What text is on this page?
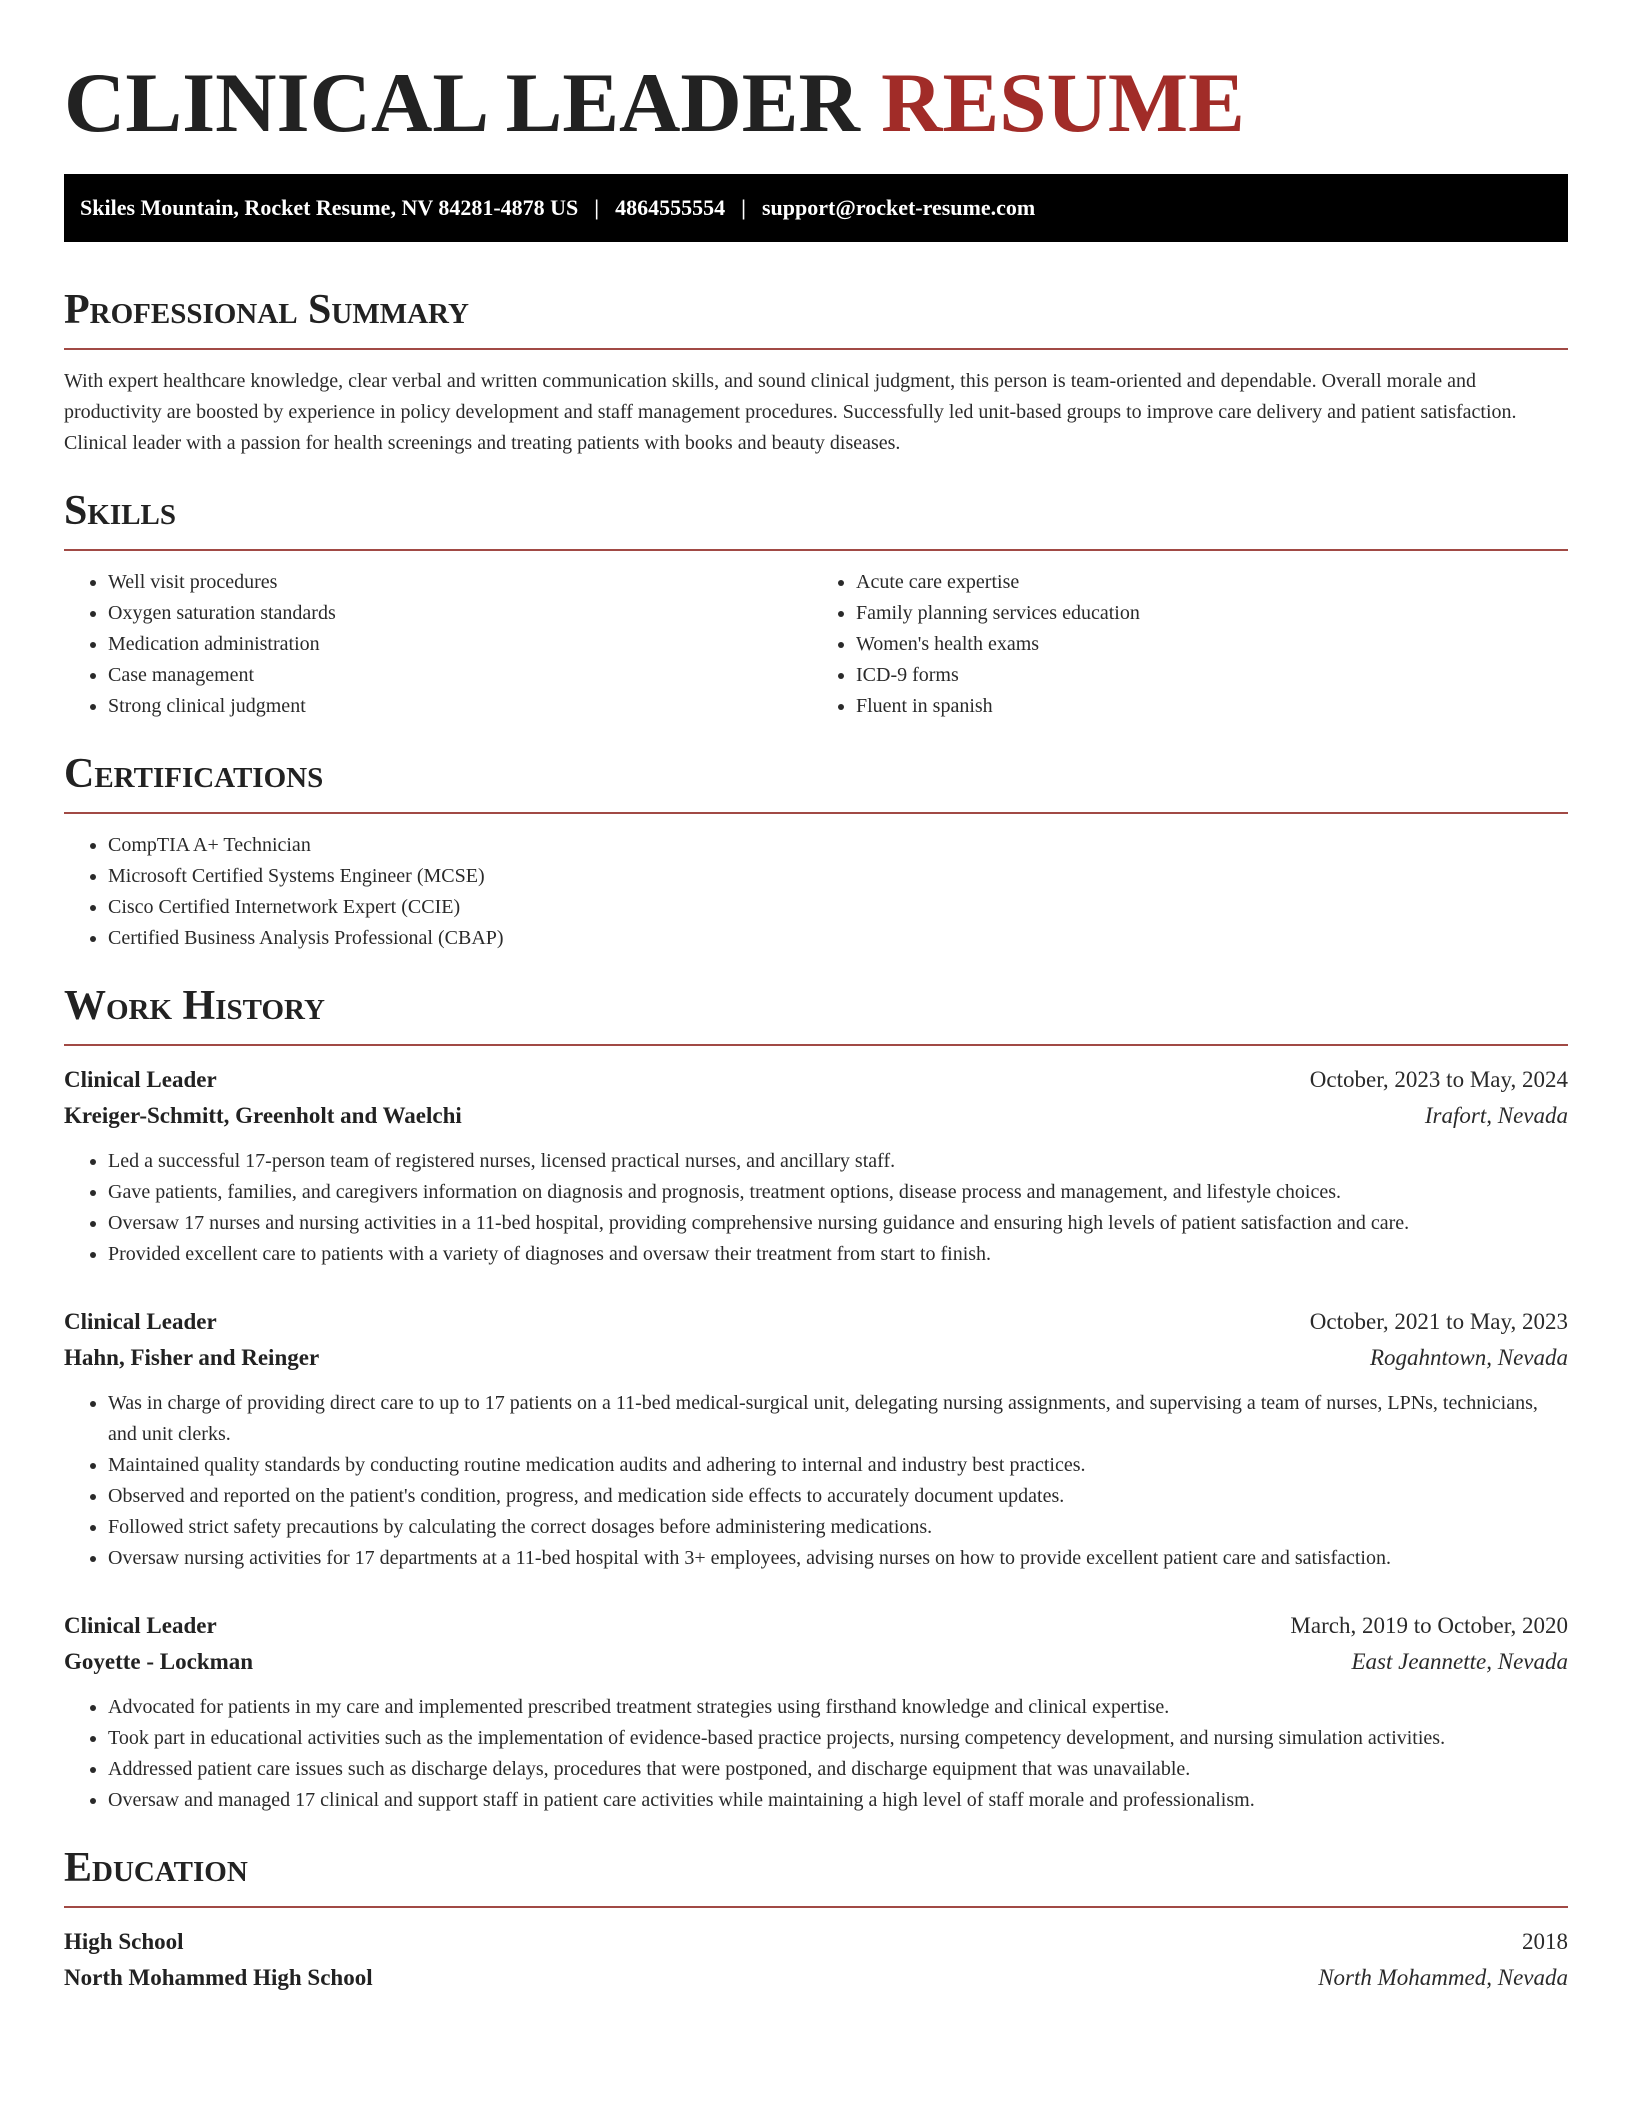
CLINICAL LEADER RESUME
Skiles Mountain, Rocket Resume, NV 84281-4878 US | 4864555554 | support@rocket-resume.com
Professional Summary

With expert healthcare knowledge, clear verbal and written communication skills, and sound clinical judgment, this person is team-oriented and dependable. Overall morale and productivity are boosted by experience in policy development and staff management procedures. Successfully led unit-based groups to improve care delivery and patient satisfaction. Clinical leader with a passion for health screenings and treating patients with books and beauty diseases.

Skills
• Well visit procedures
• Oxygen saturation standards
• Medication administration
• Case management
• Strong clinical judgment
• Acute care expertise
• Family planning services education
• Women's health exams
• ICD-9 forms
• Fluent in spanish
Certifications
• CompTIA A+ Technician
• Microsoft Certified Systems Engineer (MCSE)
• Cisco Certified Internetwork Expert (CCIE)
• Certified Business Analysis Professional (CBAP)
Work History
Clinical Leader	October, 2023 to May, 2024
Kreiger-Schmitt, Greenholt and Waelchi	Irafort, Nevada
• Led a successful 17-person team of registered nurses, licensed practical nurses, and ancillary staff.
• Gave patients, families, and caregivers information on diagnosis and prognosis, treatment options, disease process and management, and lifestyle choices.
• Oversaw 17 nurses and nursing activities in a 11-bed hospital, providing comprehensive nursing guidance and ensuring high levels of patient satisfaction and care.
• Provided excellent care to patients with a variety of diagnoses and oversaw their treatment from start to finish.
Clinical Leader	October, 2021 to May, 2023
Hahn, Fisher and Reinger	Rogahntown, Nevada
• Was in charge of providing direct care to up to 17 patients on a 11-bed medical-surgical unit, delegating nursing assignments, and supervising a team of nurses, LPNs, technicians, and unit clerks.
• Maintained quality standards by conducting routine medication audits and adhering to internal and industry best practices.
• Observed and reported on the patient's condition, progress, and medication side effects to accurately document updates.
• Followed strict safety precautions by calculating the correct dosages before administering medications.
• Oversaw nursing activities for 17 departments at a 11-bed hospital with 3+ employees, advising nurses on how to provide excellent patient care and satisfaction.
Clinical Leader	March, 2019 to October, 2020
Goyette - Lockman	East Jeannette, Nevada
• Advocated for patients in my care and implemented prescribed treatment strategies using firsthand knowledge and clinical expertise.
• Took part in educational activities such as the implementation of evidence-based practice projects, nursing competency development, and nursing simulation activities.
• Addressed patient care issues such as discharge delays, procedures that were postponed, and discharge equipment that was unavailable.
• Oversaw and managed 17 clinical and support staff in patient care activities while maintaining a high level of staff morale and professionalism.
Education
High School	2018
North Mohammed High School	North Mohammed, Nevada
